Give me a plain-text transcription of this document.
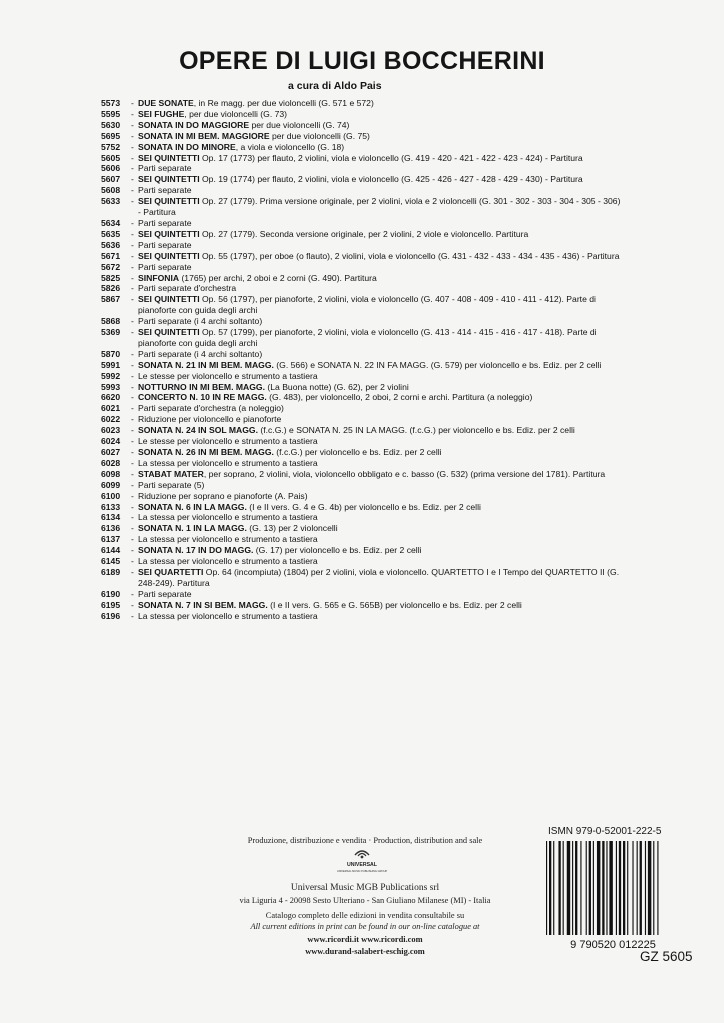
OPERE DI LUIGI BOCCHERINI
a cura di Aldo Pais
5573	- DUE SONATE, in Re magg. per due violoncelli (G. 571 e 572)
5595	- SEI FUGHE, per due violoncelli (G. 73)
5630	- SONATA IN DO MAGGIORE per due violoncelli (G. 74)
5695	- SONATA IN MI BEM. MAGGIORE per due violoncelli (G. 75)
5752	- SONATA IN DO MINORE, a viola e violoncello (G. 18)
5605	- SEI QUINTETTI Op. 17 (1773) per flauto, 2 violini, viola e violoncello (G. 419 - 420 - 421 - 422 - 423 - 424) - Partitura
5606	- Parti separate
5607	- SEI QUINTETTI Op. 19 (1774) per flauto, 2 violini, viola e violoncello (G. 425 - 426 - 427 - 428 - 429 - 430) - Partitura
5608	- Parti separate
5633	- SEI QUINTETTI Op. 27 (1779). Prima versione originale, per 2 violini, viola e 2 violoncelli (G. 301 - 302 - 303 - 304 - 305 - 306) - Partitura
5634	- Parti separate
5635	- SEI QUINTETTI Op. 27 (1779). Seconda versione originale, per 2 violini, 2 viole e violoncello. Partitura
5636	- Parti separate
5671	- SEI QUINTETTI Op. 55 (1797), per oboe (o flauto), 2 violini, viola e violoncello (G. 431 - 432 - 433 - 434 - 435 - 436) - Partitura
5672	- Parti separate
5825	- SINFONIA (1765) per archi, 2 oboi e 2 corni (G. 490). Partitura
5826	- Parti separate d'orchestra
5867	- SEI QUINTETTI Op. 56 (1797), per pianoforte, 2 violini, viola e violoncello (G. 407 - 408 - 409 - 410 - 411 - 412). Parte di pianoforte con guida degli archi
5868	- Parti separate (i 4 archi soltanto)
5369	- SEI QUINTETTI Op. 57 (1799), per pianoforte, 2 violini, viola e violoncello (G. 413 - 414 - 415 - 416 - 417 - 418). Parte di pianoforte con guida degli archi
5870	- Parti separate (i 4 archi soltanto)
5991	- SONATA N. 21 IN MI BEM. MAGG. (G. 566) e SONATA N. 22 IN FA MAGG. (G. 579) per violoncello e bs. Ediz. per 2 celli
5992	- Le stesse per violoncello e strumento a tastiera
5993	- NOTTURNO IN MI BEM. MAGG. (La Buona notte) (G. 62), per 2 violini
6620	- CONCERTO N. 10 IN RE MAGG. (G. 483), per violoncello, 2 oboi, 2 corni e archi. Partitura (a noleggio)
6021	- Parti separate d'orchestra (a noleggio)
6022	- Riduzione per violoncello e pianoforte
6023	- SONATA N. 24 IN SOL MAGG. (f.c.G.) e SONATA N. 25 IN LA MAGG. (f.c.G.) per violoncello e bs. Ediz. per 2 celli
6024	- Le stesse per violoncello e strumento a tastiera
6027	- SONATA N. 26 IN MI BEM. MAGG. (f.c.G.) per violoncello e bs. Ediz. per 2 celli
6028	- La stessa per violoncello e strumento a tastiera
6098	- STABAT MATER, per soprano, 2 violini, viola, violoncello obbligato e c. basso (G. 532) (prima versione del 1781). Partitura
6099	- Parti separate (5)
6100	- Riduzione per soprano e pianoforte (A. Pais)
6133	- SONATA N. 6 IN LA MAGG. (I e II vers. G. 4 e G. 4b) per violoncello e bs. Ediz. per 2 celli
6134	- La stessa per violoncello e strumento a tastiera
6136	- SONATA N. 1 IN LA MAGG. (G. 13) per 2 violoncelli
6137	- La stessa per violoncello e strumento a tastiera
6144	- SONATA N. 17 IN DO MAGG. (G. 17) per violoncello e bs. Ediz. per 2 celli
6145	- La stessa per violoncello e strumento a tastiera
6189	- SEI QUARTETTI Op. 64 (incompiuta) (1804) per 2 violini, viola e violoncello. QUARTETTO I e I Tempo del QUARTETTO II (G. 248-249). Partitura
6190	- Parti separate
6195	- SONATA N. 7 IN SI BEM. MAGG. (I e II vers. G. 565 e G. 565B) per violoncello e bs. Ediz. per 2 celli
6196	- La stessa per violoncello e strumento a tastiera
Produzione, distribuzione e vendita · Production, distribution and sale
UNIVERSAL
UNIVERSAL MUSIC PUBLISHING GROUP
Universal Music MGB Publications srl
via Liguria 4 - 20098 Sesto Ulteriano - San Giuliano Milanese (MI) - Italia
Catalogo completo delle edizioni in vendita consultabile su
All current editions in print can be found in our on-line catalogue at
www.ricordi.it www.ricordi.com
www.durand-salabert-eschig.com
ISMN 979-0-52001-222-5
9 790520 012225
GZ 5605
